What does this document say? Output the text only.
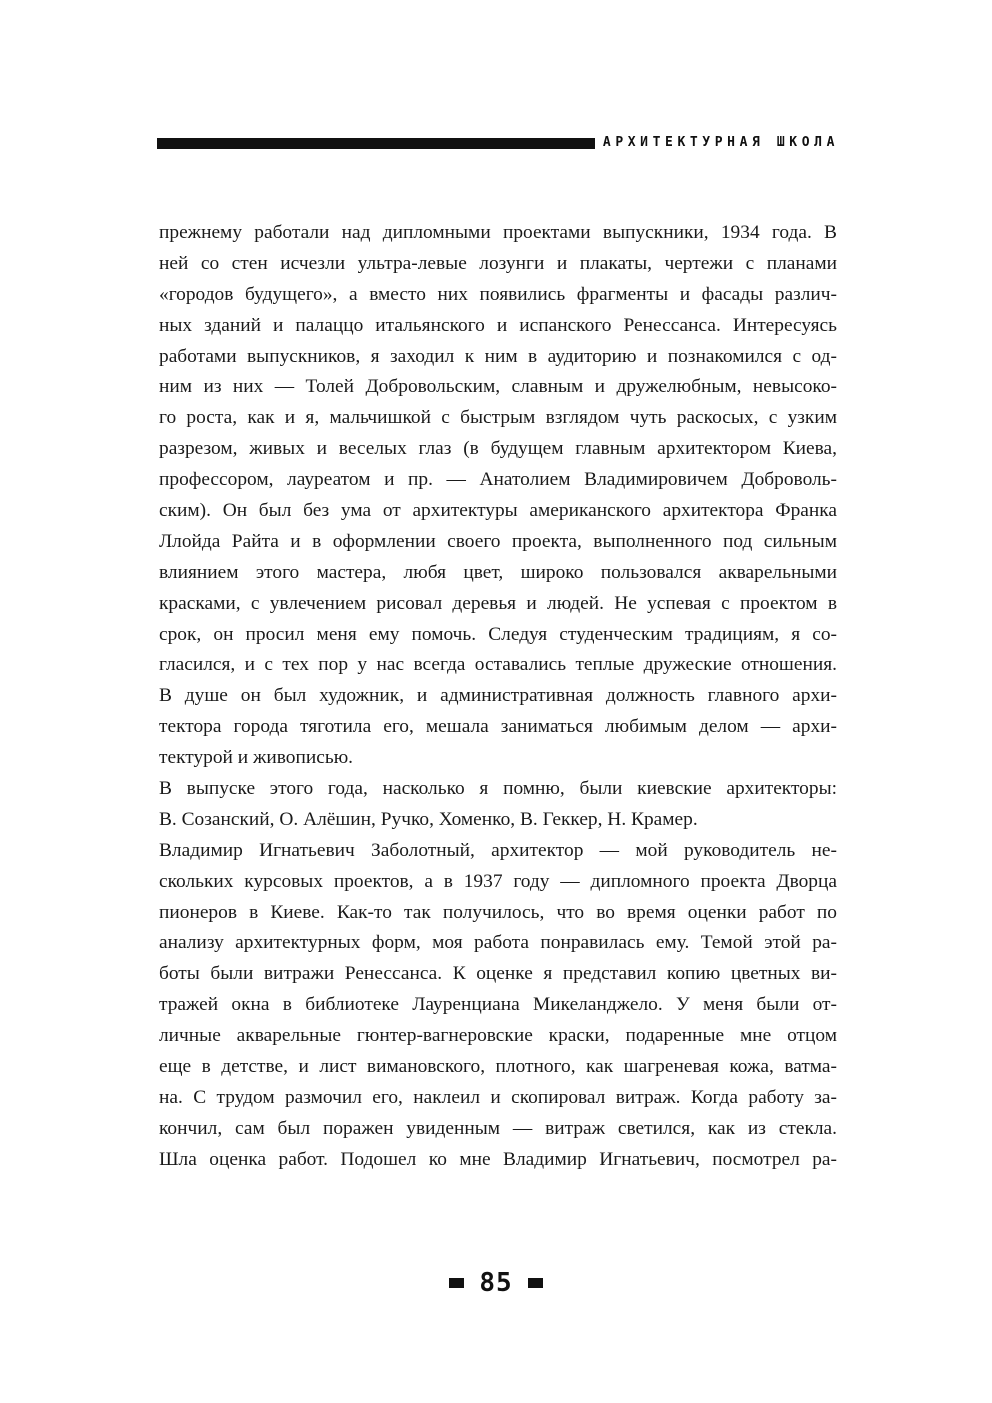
АРХИТЕКТУРНАЯ ШКОЛА
прежнему работали над дипломными проектами выпускники, 1934 года. В
ней со стен исчезли ультра-левые лозунги и плакаты, чертежи с планами
«городов будущего», а вместо них появились фрагменты и фасады различ-
ных зданий и палаццо итальянского и испанского Ренессанса. Интересуясь
работами выпускников, я заходил к ним в аудиторию и познакомился с од-
ним из них — Толей Добровольским, славным и дружелюбным, невысоко-
го роста, как и я, мальчишкой с быстрым взглядом чуть раскосых, с узким
разрезом, живых и веселых глаз (в будущем главным архитектором Киева,
профессором, лауреатом и пр. — Анатолием Владимировичем Доброволь-
ским). Он был без ума от архитектуры американского архитектора Франка
Ллойда Райта и в оформлении своего проекта, выполненного под сильным
влиянием этого мастера, любя цвет, широко пользовался акварельными
красками, с увлечением рисовал деревья и людей. Не успевая с проектом в
срок, он просил меня ему помочь. Следуя студенческим традициям, я со-
гласился, и с тех пор у нас всегда оставались теплые дружеские отношения.
В душе он был художник, и административная должность главного архи-
тектора города тяготила его, мешала заниматься любимым делом — архи-
тектурой и живописью.
В выпуске этого года, насколько я помню, были киевские архитекторы:
В. Созанский, О. Алёшин, Ручко, Хоменко, В. Геккер, Н. Крамер.
Владимир Игнатьевич Заболотный, архитектор — мой руководитель не-
скольких курсовых проектов, а в 1937 году — дипломного проекта Дворца
пионеров в Киеве. Как-то так получилось, что во время оценки работ по
анализу архитектурных форм, моя работа понравилась ему. Темой этой ра-
боты были витражи Ренессанса. К оценке я представил копию цветных ви-
тражей окна в библиотеке Лауренциана Микеланджело. У меня были от-
личные акварельные гюнтер-вагнеровские краски, подаренные мне отцом
еще в детстве, и лист вимановского, плотного, как шагреневая кожа, ватма-
на. С трудом размочил его, наклеил и скопировал витраж. Когда работу за-
кончил, сам был поражен увиденным — витраж светился, как из стекла.
Шла оценка работ. Подошел ко мне Владимир Игнатьевич, посмотрел ра-
85
